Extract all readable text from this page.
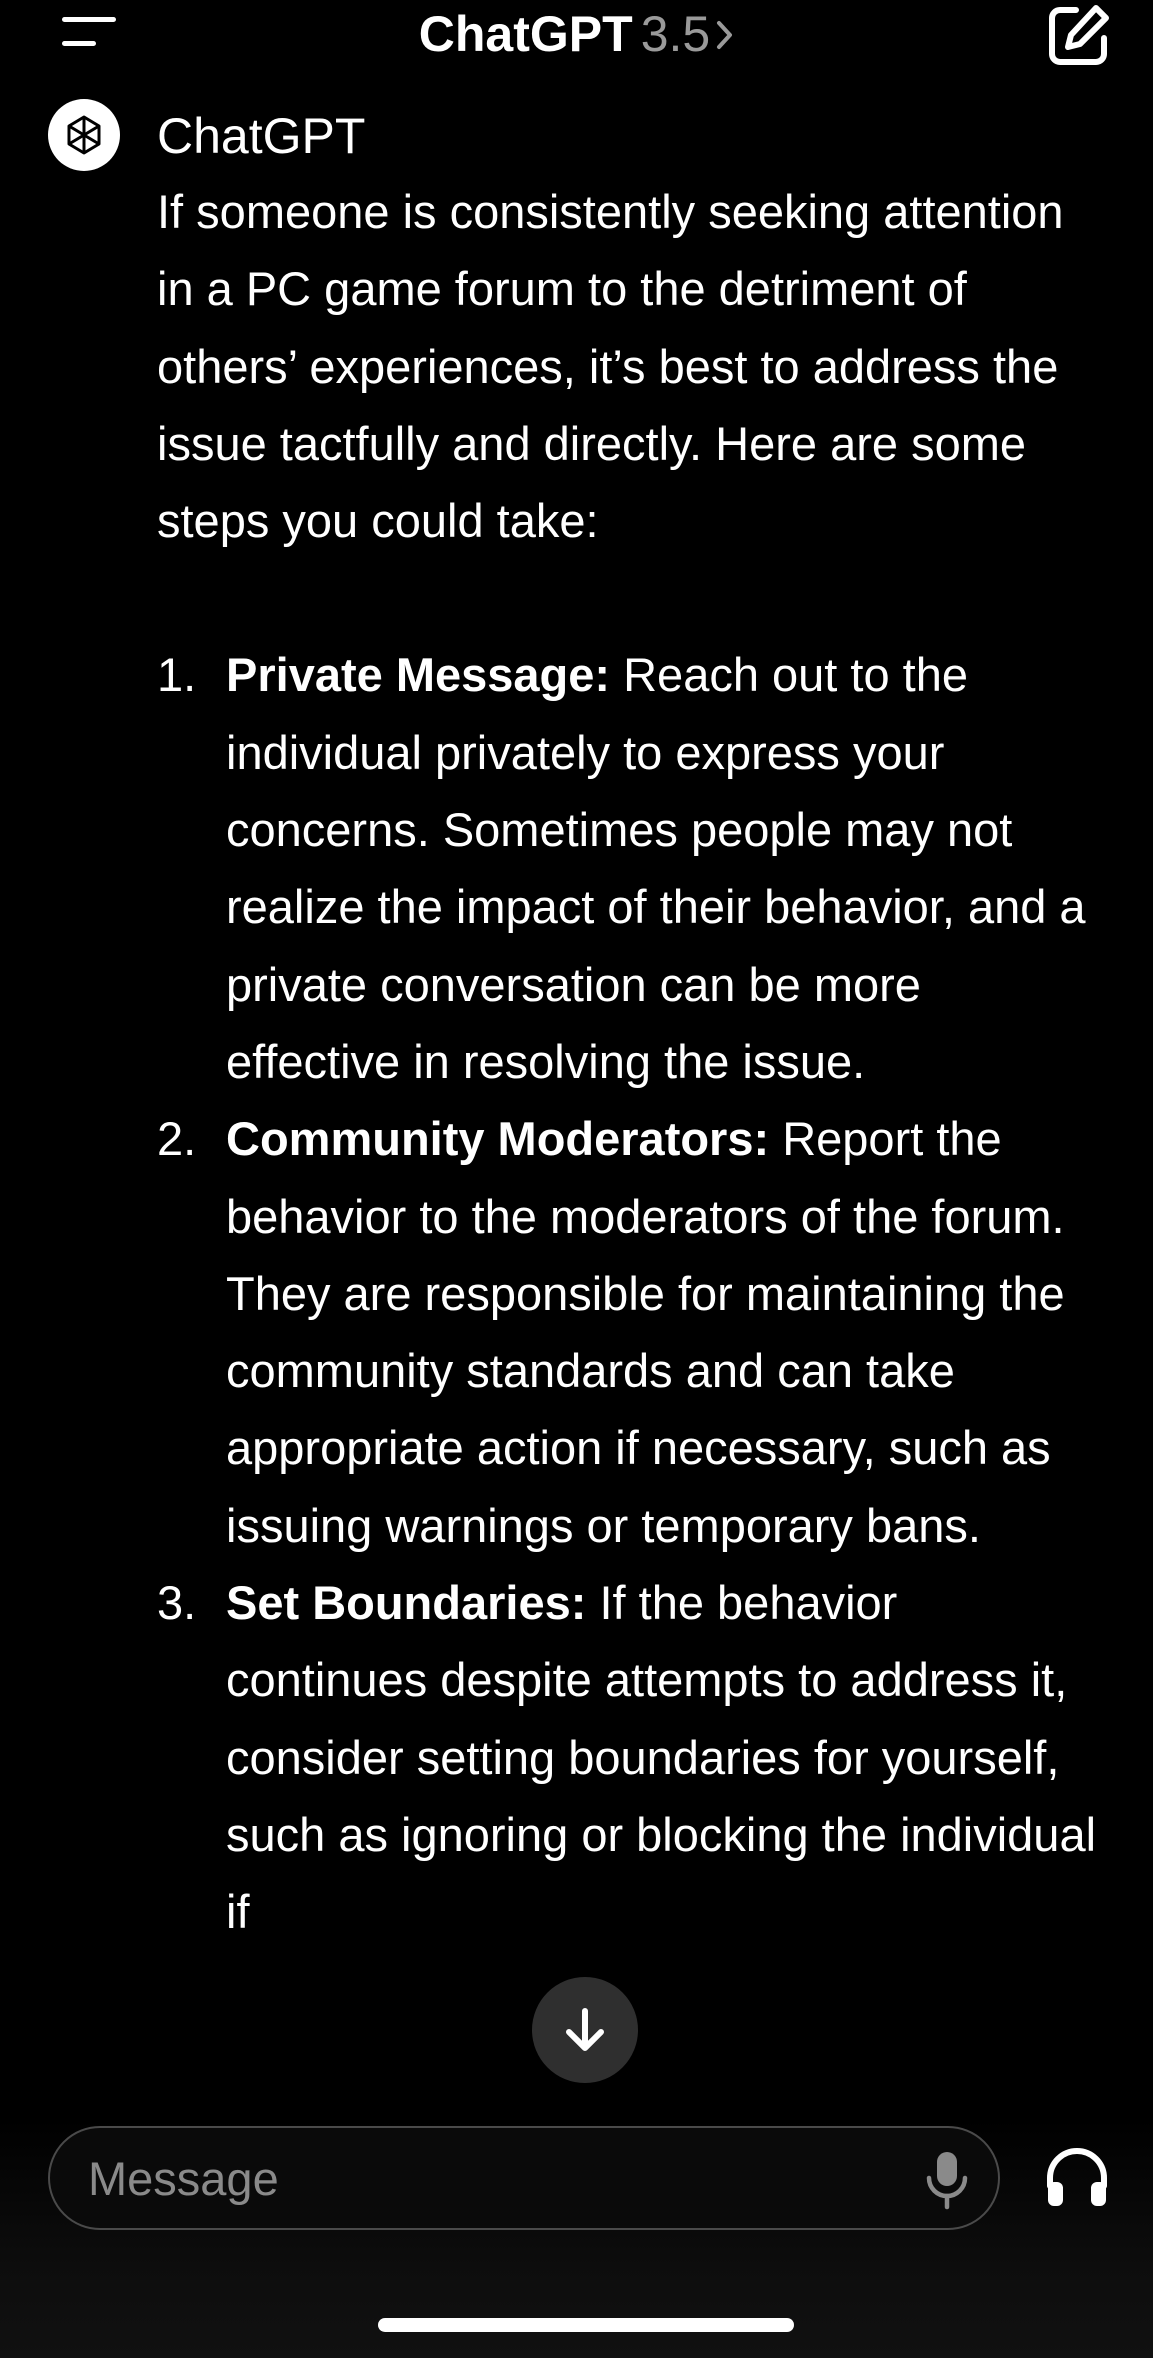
ChatGPT 3.5
ChatGPT

If someone is consistently seeking attention in a PC game forum to the detriment of others’ experiences, it’s best to address the issue tactfully and directly. Here are some steps you could take:

1. Private Message: Reach out to the individual privately to express your concerns. Sometimes people may not realize the impact of their behavior, and a private conversation can be more effective in resolving the issue.
2. Community Moderators: Report the behavior to the moderators of the forum. They are responsible for maintaining the community standards and can take appropriate action if necessary, such as issuing warnings or temporary bans.
3. Set Boundaries: If the behavior continues despite attempts to address it, consider setting boundaries for yourself, such as ignoring or blocking the individual if
Message
